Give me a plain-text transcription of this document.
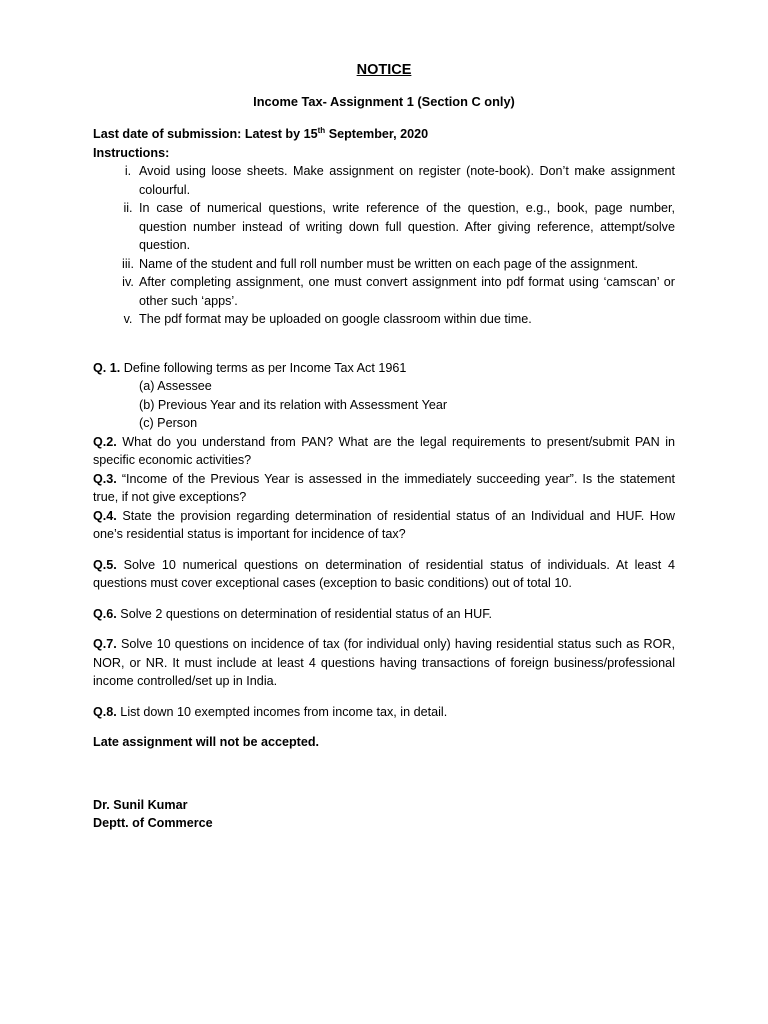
NOTICE
Income Tax- Assignment 1 (Section C only)
Last date of submission: Latest by 15th September, 2020
Instructions:
i. Avoid using loose sheets. Make assignment on register (note-book). Don’t make assignment colourful.
ii. In case of numerical questions, write reference of the question, e.g., book, page number, question number instead of writing down full question. After giving reference, attempt/solve question.
iii. Name of the student and full roll number must be written on each page of the assignment.
iv. After completing assignment, one must convert assignment into pdf format using ‘camscan’ or other such ‘apps’.
v. The pdf format may be uploaded on google classroom within due time.
Q. 1. Define following terms as per Income Tax Act 1961
(a) Assessee
(b) Previous Year and its relation with Assessment Year
(c) Person
Q.2. What do you understand from PAN? What are the legal requirements to present/submit PAN in specific economic activities?
Q.3. “Income of the Previous Year is assessed in the immediately succeeding year”. Is the statement true, if not give exceptions?
Q.4. State the provision regarding determination of residential status of an Individual and HUF. How one’s residential status is important for incidence of tax?
Q.5. Solve 10 numerical questions on determination of residential status of individuals. At least 4 questions must cover exceptional cases (exception to basic conditions) out of total 10.
Q.6. Solve 2 questions on determination of residential status of an HUF.
Q.7. Solve 10 questions on incidence of tax (for individual only) having residential status such as ROR, NOR, or NR. It must include at least 4 questions having transactions of foreign business/professional income controlled/set up in India.
Q.8. List down 10 exempted incomes from income tax, in detail.
Late assignment will not be accepted.
Dr. Sunil Kumar
Deptt. of Commerce
